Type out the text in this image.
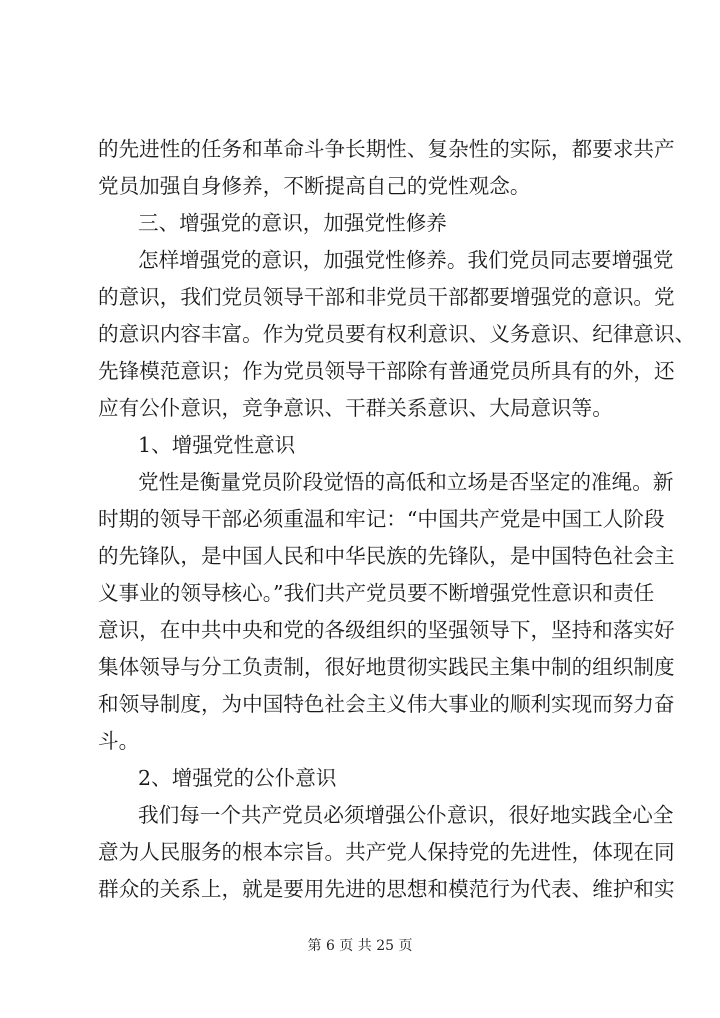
的先进性的任务和革命斗争长期性、复杂性的实际，都要求共产
党员加强自身修养，不断提高自己的党性观念。
三、增强党的意识，加强党性修养
怎样增强党的意识，加强党性修养。我们党员同志要增强党
的意识，我们党员领导干部和非党员干部都要增强党的意识。党
的意识内容丰富。作为党员要有权利意识、义务意识、纪律意识、
先锋模范意识；作为党员领导干部除有普通党员所具有的外，还
应有公仆意识，竞争意识、干群关系意识、大局意识等。
1、增强党性意识
党性是衡量党员阶段觉悟的高低和立场是否坚定的准绳。新
时期的领导干部必须重温和牢记：“中国共产党是中国工人阶段
的先锋队，是中国人民和中华民族的先锋队，是中国特色社会主
义事业的领导核心。”我们共产党员要不断增强党性意识和责任
意识，在中共中央和党的各级组织的坚强领导下，坚持和落实好
集体领导与分工负责制，很好地贯彻实践民主集中制的组织制度
和领导制度，为中国特色社会主义伟大事业的顺利实现而努力奋
斗。
2、增强党的公仆意识
我们每一个共产党员必须增强公仆意识，很好地实践全心全
意为人民服务的根本宗旨。共产党人保持党的先进性，体现在同
群众的关系上，就是要用先进的思想和模范行为代表、维护和实
第 6 页 共 25 页
